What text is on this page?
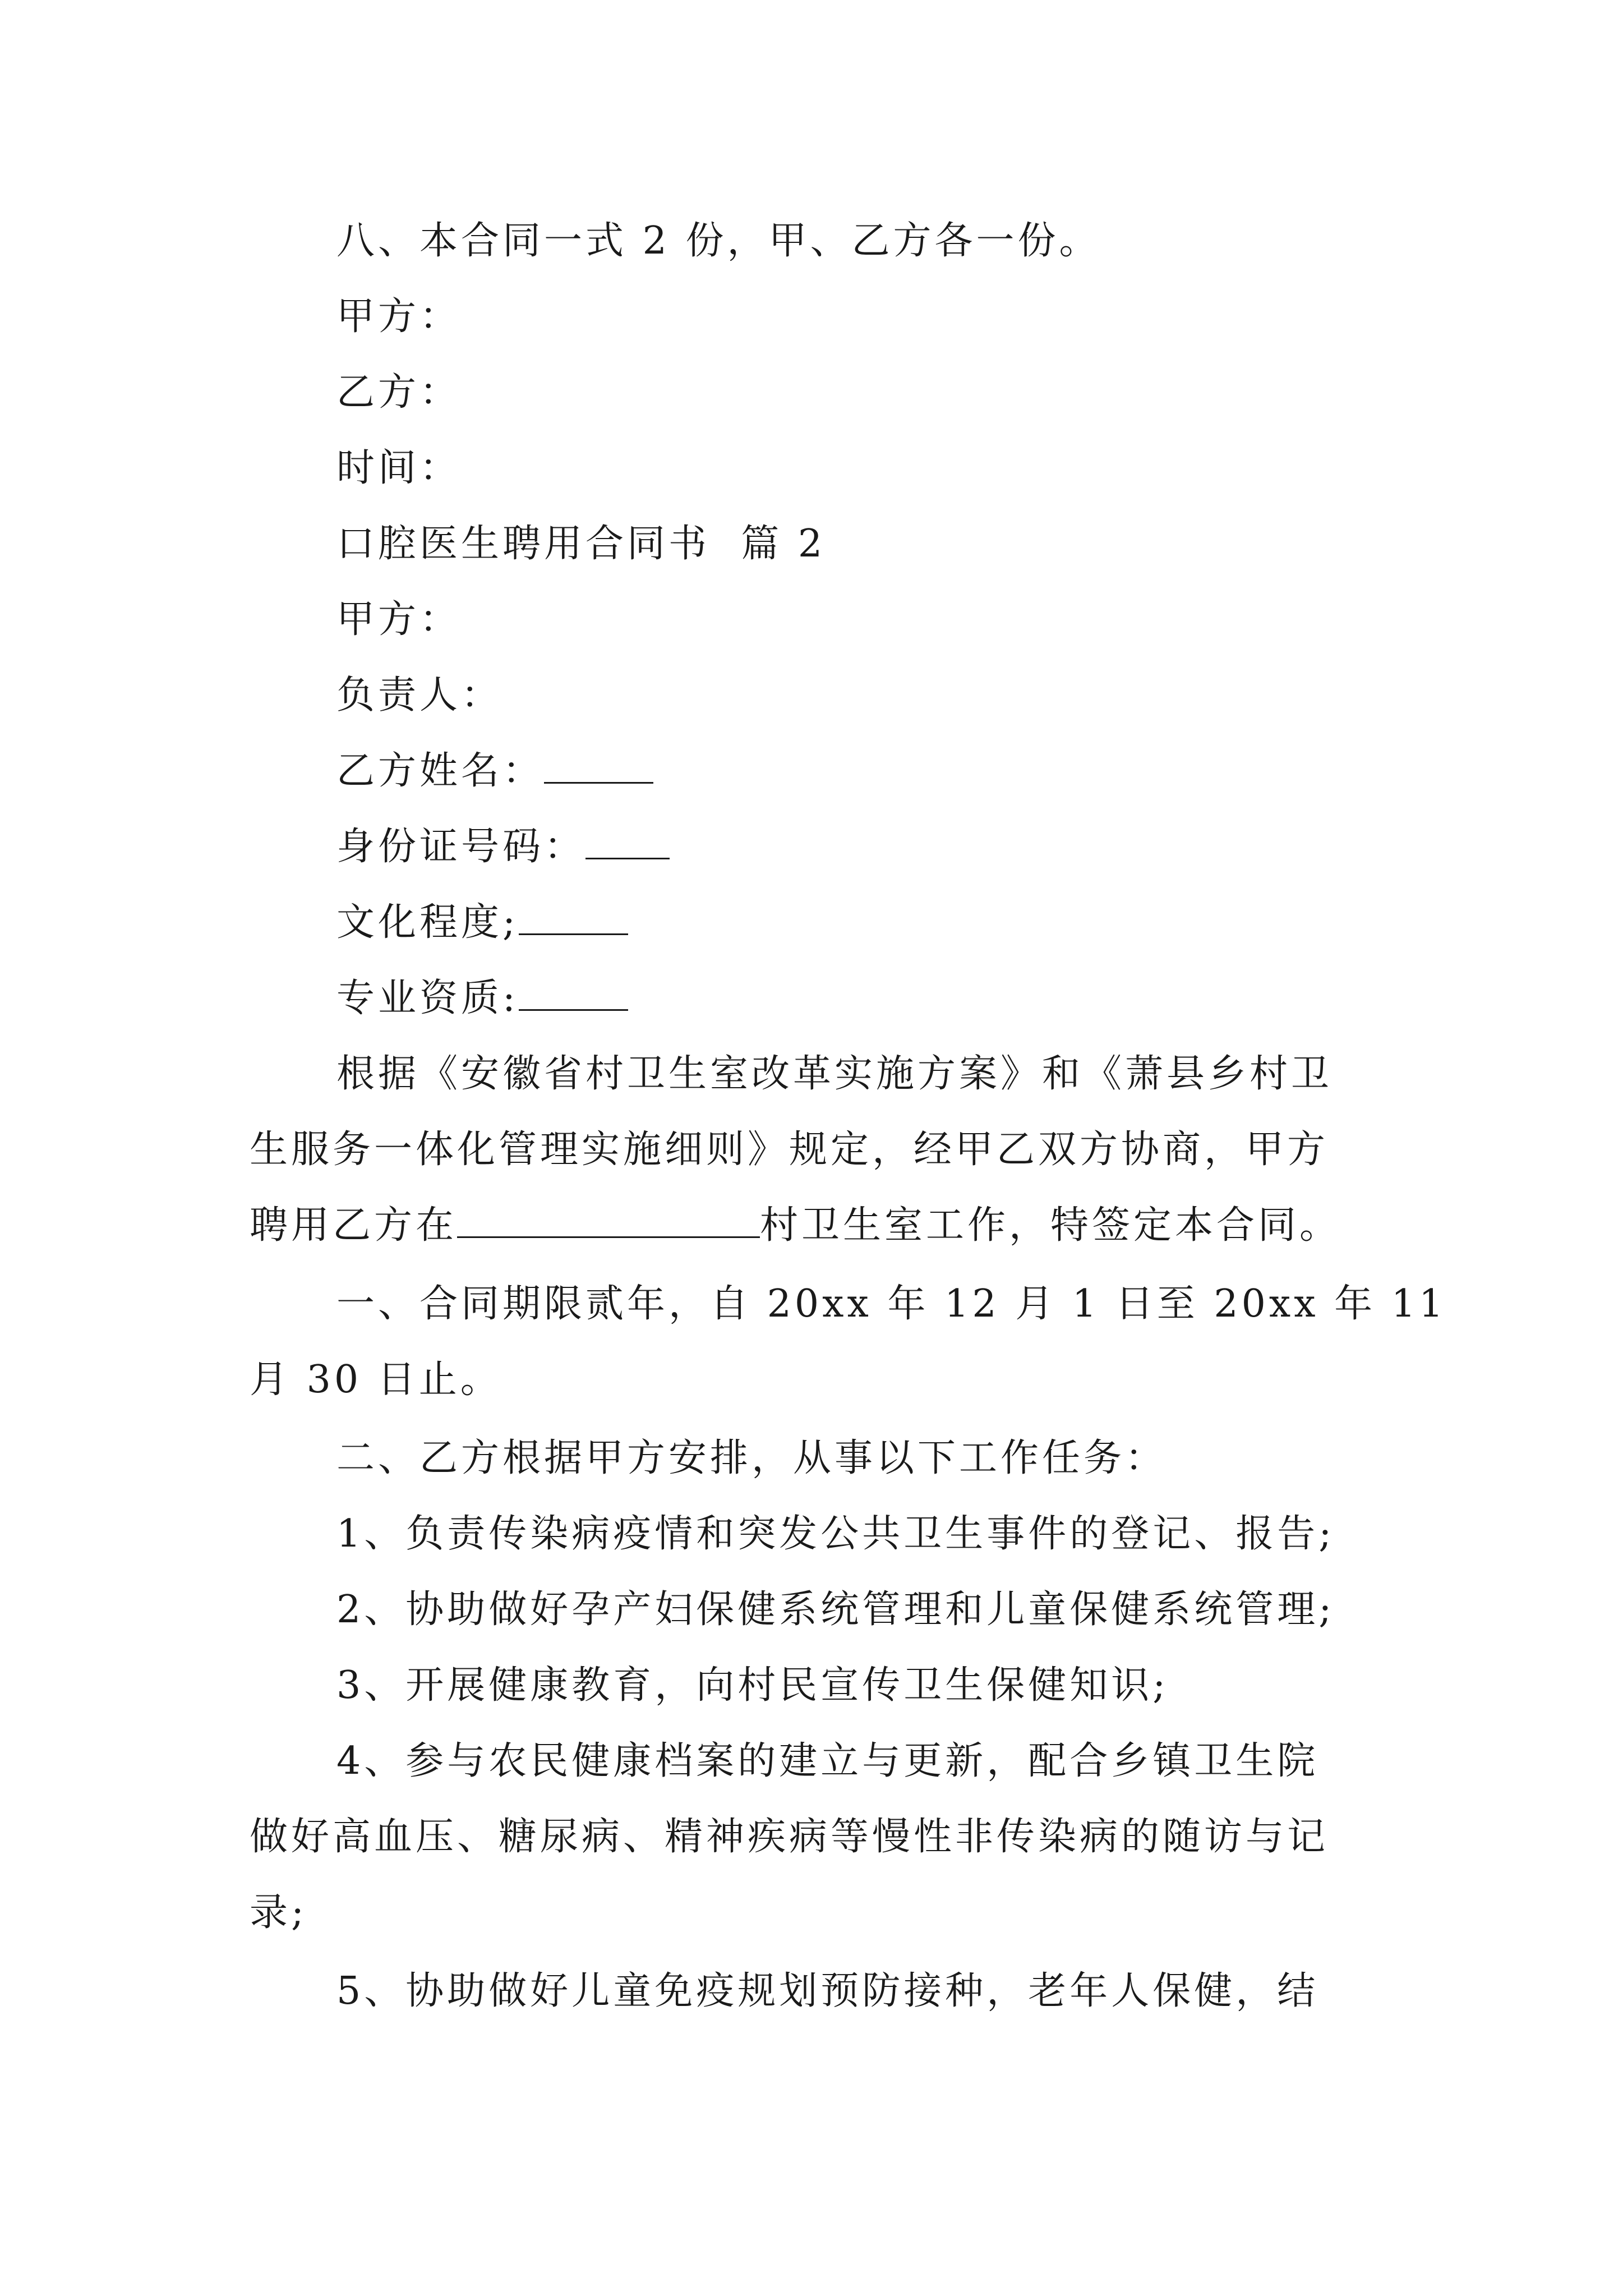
八、本合同一式 2 份，甲、乙方各一份。
甲方：
乙方：
时间：
口腔医生聘用合同书  篇 2
甲方：
负责人：
乙方姓名：
身份证号码：
文化程度;
专业资质:
根据《安徽省村卫生室改革实施方案》和《萧县乡村卫
生服务一体化管理实施细则》规定，经甲乙双方协商，甲方
聘用乙方在	村卫生室工作，特签定本合同。
一、合同期限贰年，自 20xx 年 12 月 1 日至 20xx 年 11
月 30 日止。
二、乙方根据甲方安排，从事以下工作任务：
1、负责传染病疫情和突发公共卫生事件的登记、报告;
2、协助做好孕产妇保健系统管理和儿童保健系统管理;
3、开展健康教育，向村民宣传卫生保健知识;
4、参与农民健康档案的建立与更新，配合乡镇卫生院
做好高血压、糖尿病、精神疾病等慢性非传染病的随访与记
录;
5、协助做好儿童免疫规划预防接种，老年人保健，结
